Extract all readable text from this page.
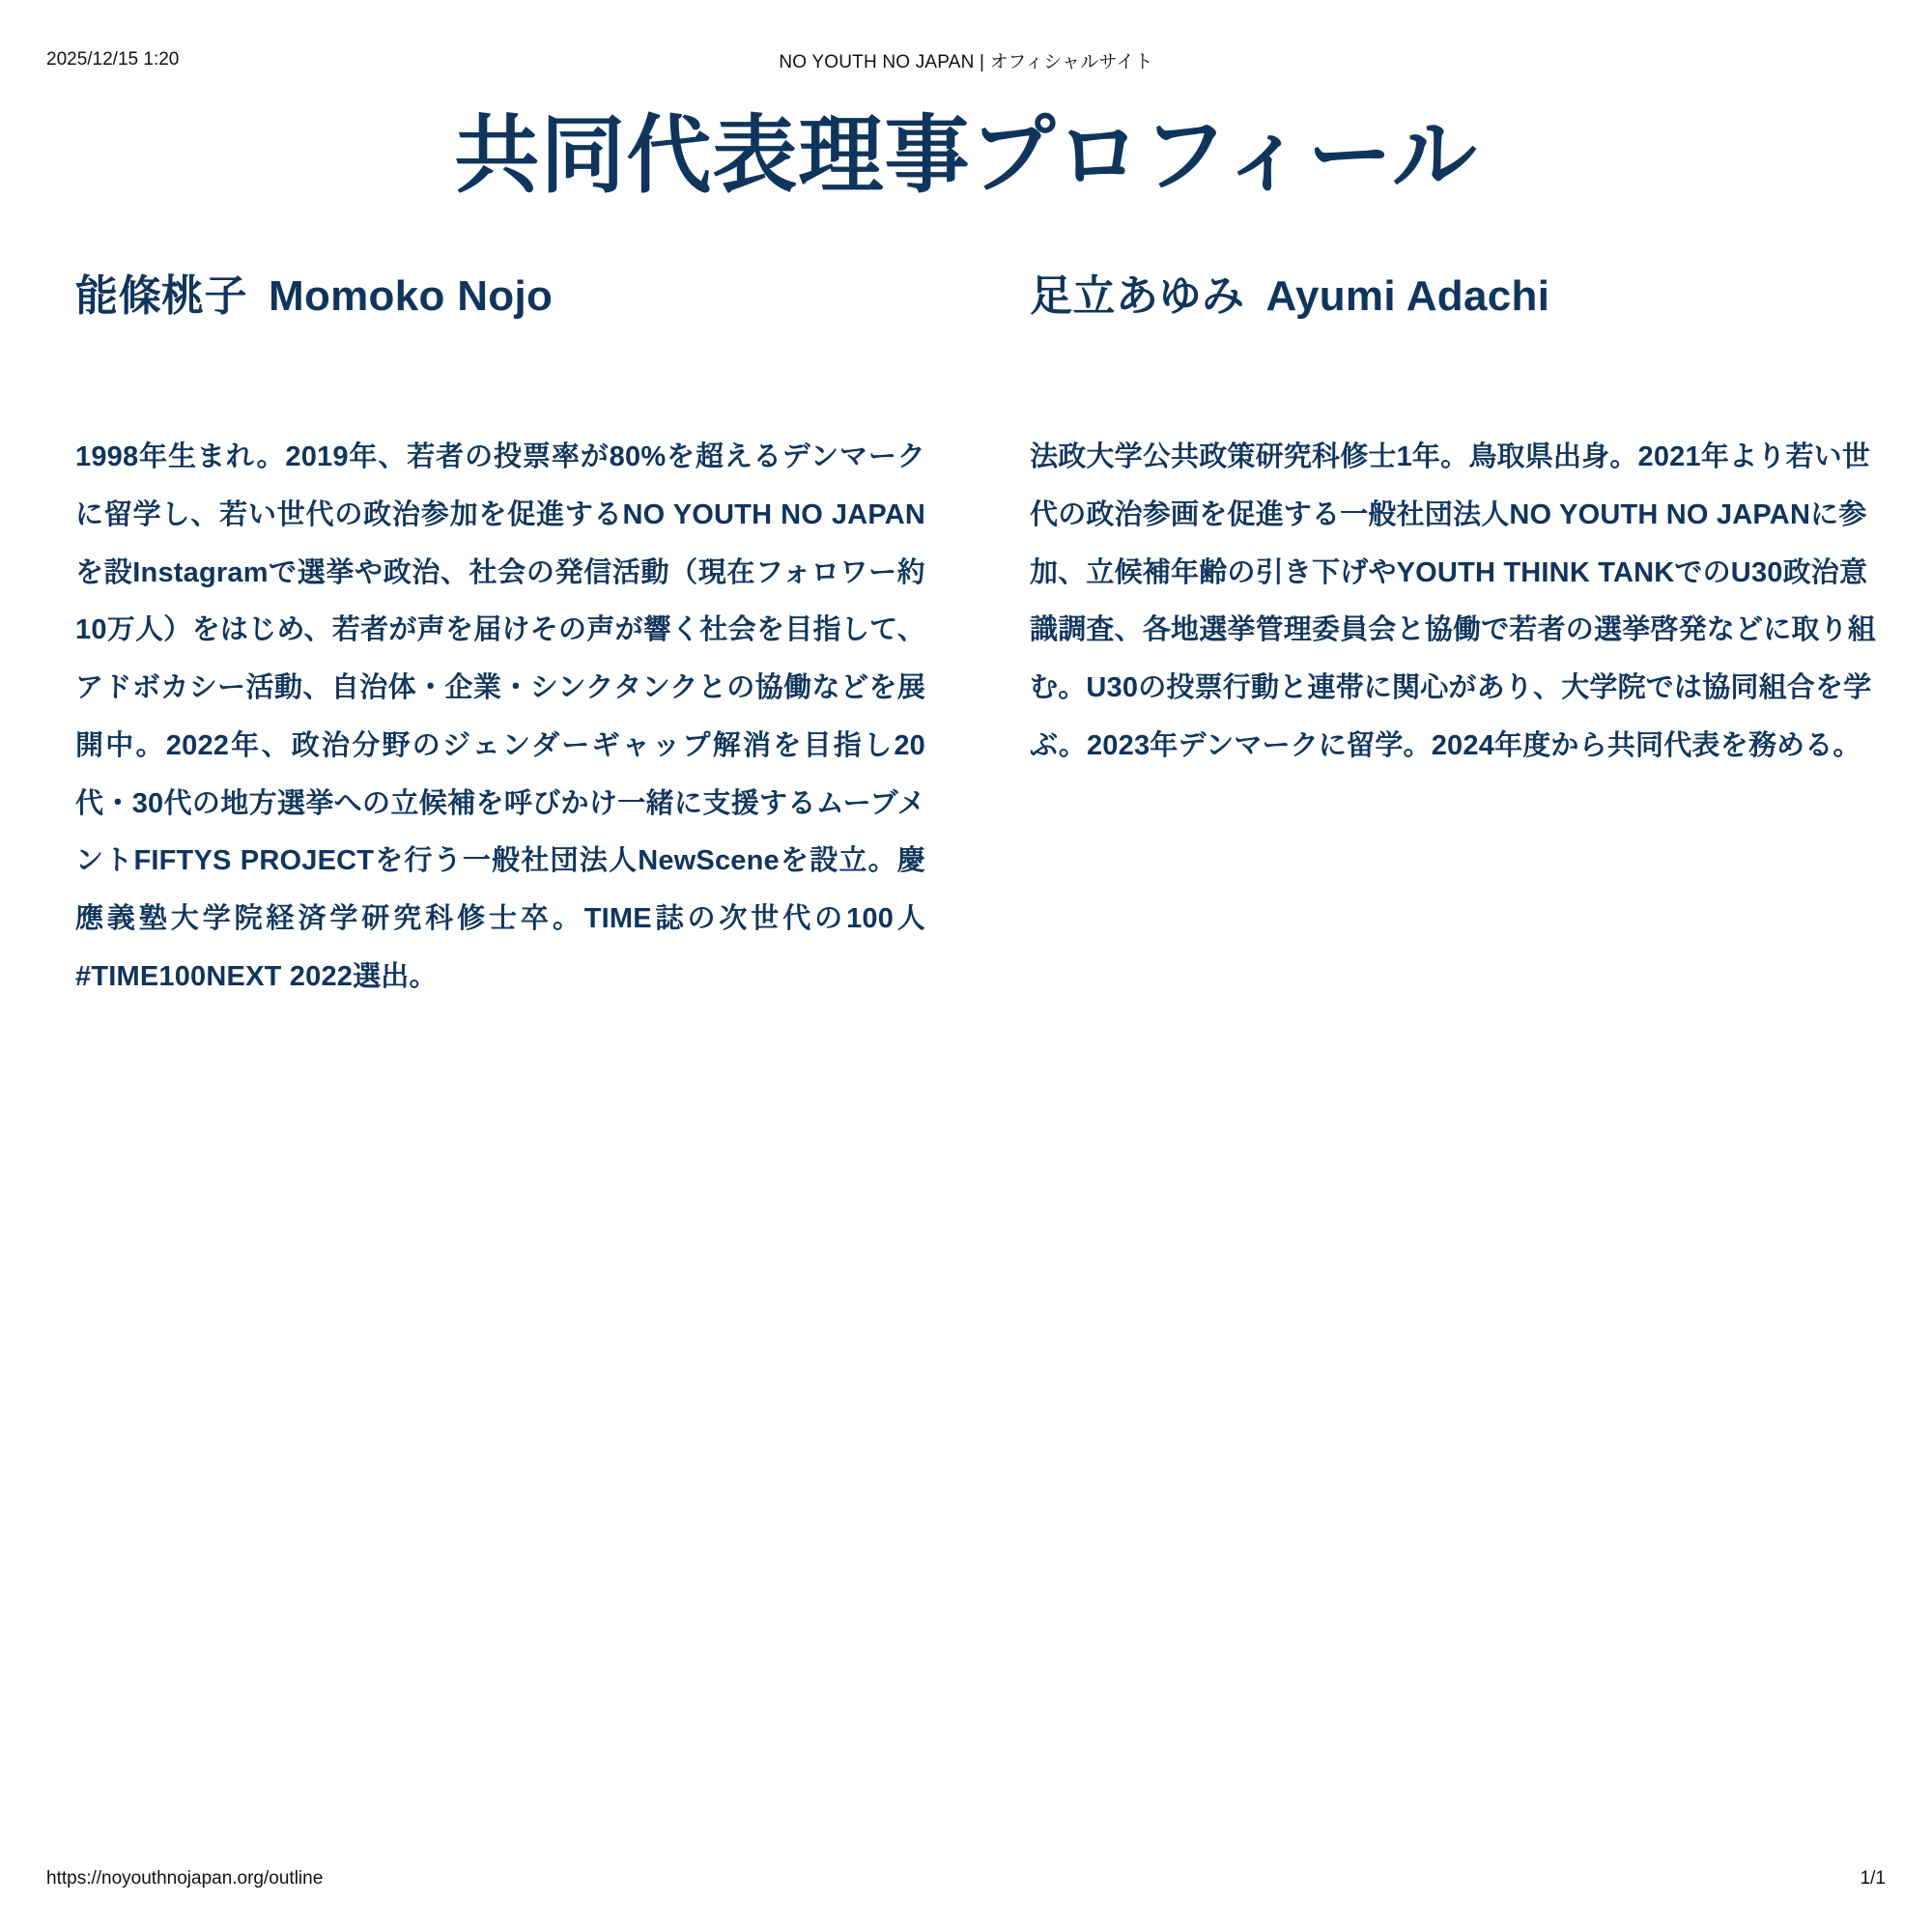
2025/12/15 1:20	NO YOUTH NO JAPAN | オフィシャルサイト
共同代表理事プロフィール
能條桃子 Momoko Nojo
1998年生まれ。2019年、若者の投票率が80%を超えるデンマークに留学し、若い世代の政治参加を促進するNO YOUTH NO JAPANを設Instagramで選挙や政治、社会の発信活動（現在フォロワー約10万人）をはじめ、若者が声を届けその声が響く社会を目指して、アドボカシー活動、自治体・企業・シンクタンクとの協働などを展開中。2022年、政治分野のジェンダーギャップ解消を目指し20代・30代の地方選挙への立候補を呼びかけ一緒に支援するムーブメントFIFTYS PROJECTを行う一般社団法人NewSceneを設立。慶應義塾大学院経済学研究科修士卒。TIME誌の次世代の100人 #TIME100NEXT 2022選出。
足立あゆみ Ayumi Adachi
法政大学公共政策研究科修士1年。鳥取県出身。2021年より若い世代の政治参画を促進する一般社団法人NO YOUTH NO JAPANに参加、立候補年齢の引き下げやYOUTH THINK TANKでのU30政治意識調査、各地選挙管理委員会と協働で若者の選挙啓発などに取り組む。U30の投票行動と連帯に関心があり、大学院では協同組合を学ぶ。2023年デンマークに留学。2024年度から共同代表を務める。
https://noyouthnojapan.org/outline	1/1
